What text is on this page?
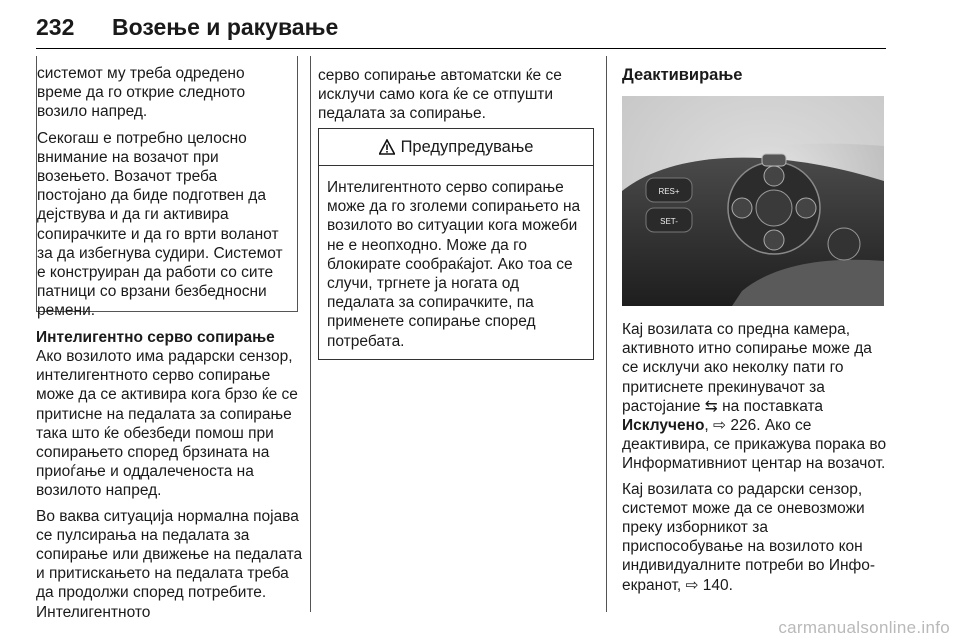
232 Возење и ракување

системот му треба одредено време да го открие следното возило напред.

Секогаш е потребно целосно внимание на возачот при возењето. Возачот треба постојано да биде подготвен да дејствува и да ги активира сопирачките и да го врти воланот за да избегнува судири. Системот е конструиран да работи со сите патници со врзани безбедносни ремени.

Интелигентно серво сопирање

Ако возилото има радарски сензор, интелигентното серво сопирање може да се активира кога брзо ќе се притисне на педалата за сопирање така што ќе обезбеди помош при сопирањето според брзината на приоѓање и оддалеченоста на возилото напред.

Во ваква ситуација нормална појава се пулсирања на педалата за сопирање или движење на педалата и притискањето на педалата треба да продолжи според потребите. Интелигентното

серво сопирање автоматски ќе се исклучи само кога ќе се отпушти педалата за сопирање.

Предупредување
Интелигентното серво сопирање може да го зголеми сопирањето на возилото во ситуации кога можеби не е неопходно. Може да го блокирате сообраќајот. Ако тоа се случи, тргнете ја ногата од педалата за сопирачките, па применете сопирање според потребата.
Деактивирање
RES+
SET-

Кај возилата со предна камера, активното итно сопирање може да се исклучи ако неколку пати го притиснете прекинувачот за растојание ⇆ на поставката Исклучено, ⇨ 226. Ако се деактивира, се прикажува порака во Информативниот центар на возачот.

Кај возилата со радарски сензор, системот може да се оневозможи преку изборникот за приспособување на возилото кон индивидуалните потреби во Инфо-екранот, ⇨ 140.

carmanualsonline.info
